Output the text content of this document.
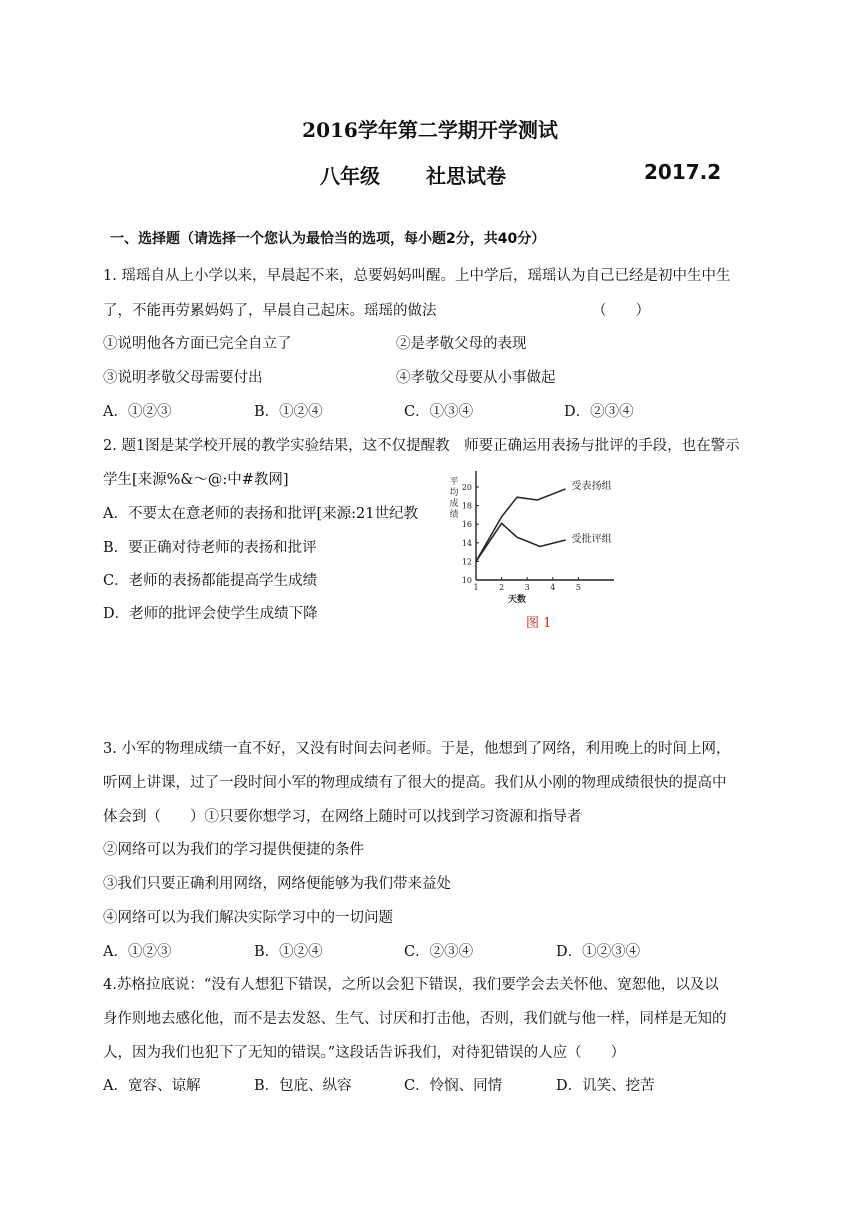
2016学年第二学期开学测试
八年级 社思试卷	2017.2
一、选择题（请选择一个您认为最恰当的选项，每小题2分，共40分）
1. 瑶瑶自从上小学以来，早晨起不来，总要妈妈叫醒。上中学后，瑶瑶认为自己已经是初中生中生
了，不能再劳累妈妈了，早晨自己起床。瑶瑶的做法	（　　）
①说明他各方面已完全自立了	②是孝敬父母的表现
③说明孝敬父母需要付出	④孝敬父母要从小事做起
A．①②③	B．①②④	C．①③④	D．②③④
2. 题1图是某学校开展的教学实验结果，这不仅提醒教　师要正确运用表扬与批评的手段，也在警示
学生[来源%&～@:中#教网]
A．不要太在意老师的表扬和批评[来源:21世纪教
B．要正确对待老师的表扬和批评
C．老师的表扬都能提高学生成绩
D．老师的批评会使学生成绩下降
10
12
14
16
18
20
1	2	3	4	5
平
均
成
绩
天数
受表扬组
受批评组
图 1
3. 小军的物理成绩一直不好，又没有时间去问老师。于是，他想到了网络，利用晚上的时间上网，
听网上讲课，过了一段时间小军的物理成绩有了很大的提高。我们从小刚的物理成绩很快的提高中
体会到（　　）①只要你想学习，在网络上随时可以找到学习资源和指导者
②网络可以为我们的学习提供便捷的条件
③我们只要正确利用网络，网络便能够为我们带来益处
④网络可以为我们解决实际学习中的一切问题
A．①②③	B．①②④	C．②③④	D．①②③④
4.苏格拉底说：“没有人想犯下错误，之所以会犯下错误，我们要学会去关怀他、宽恕他，以及以
身作则地去感化他，而不是去发怒、生气、讨厌和打击他，否则，我们就与他一样，同样是无知的
人，因为我们也犯下了无知的错误。”这段话告诉我们，对待犯错误的人应（　　）
A．宽容、谅解	B．包庇、纵容	C．怜悯、同情	D．讥笑、挖苦
